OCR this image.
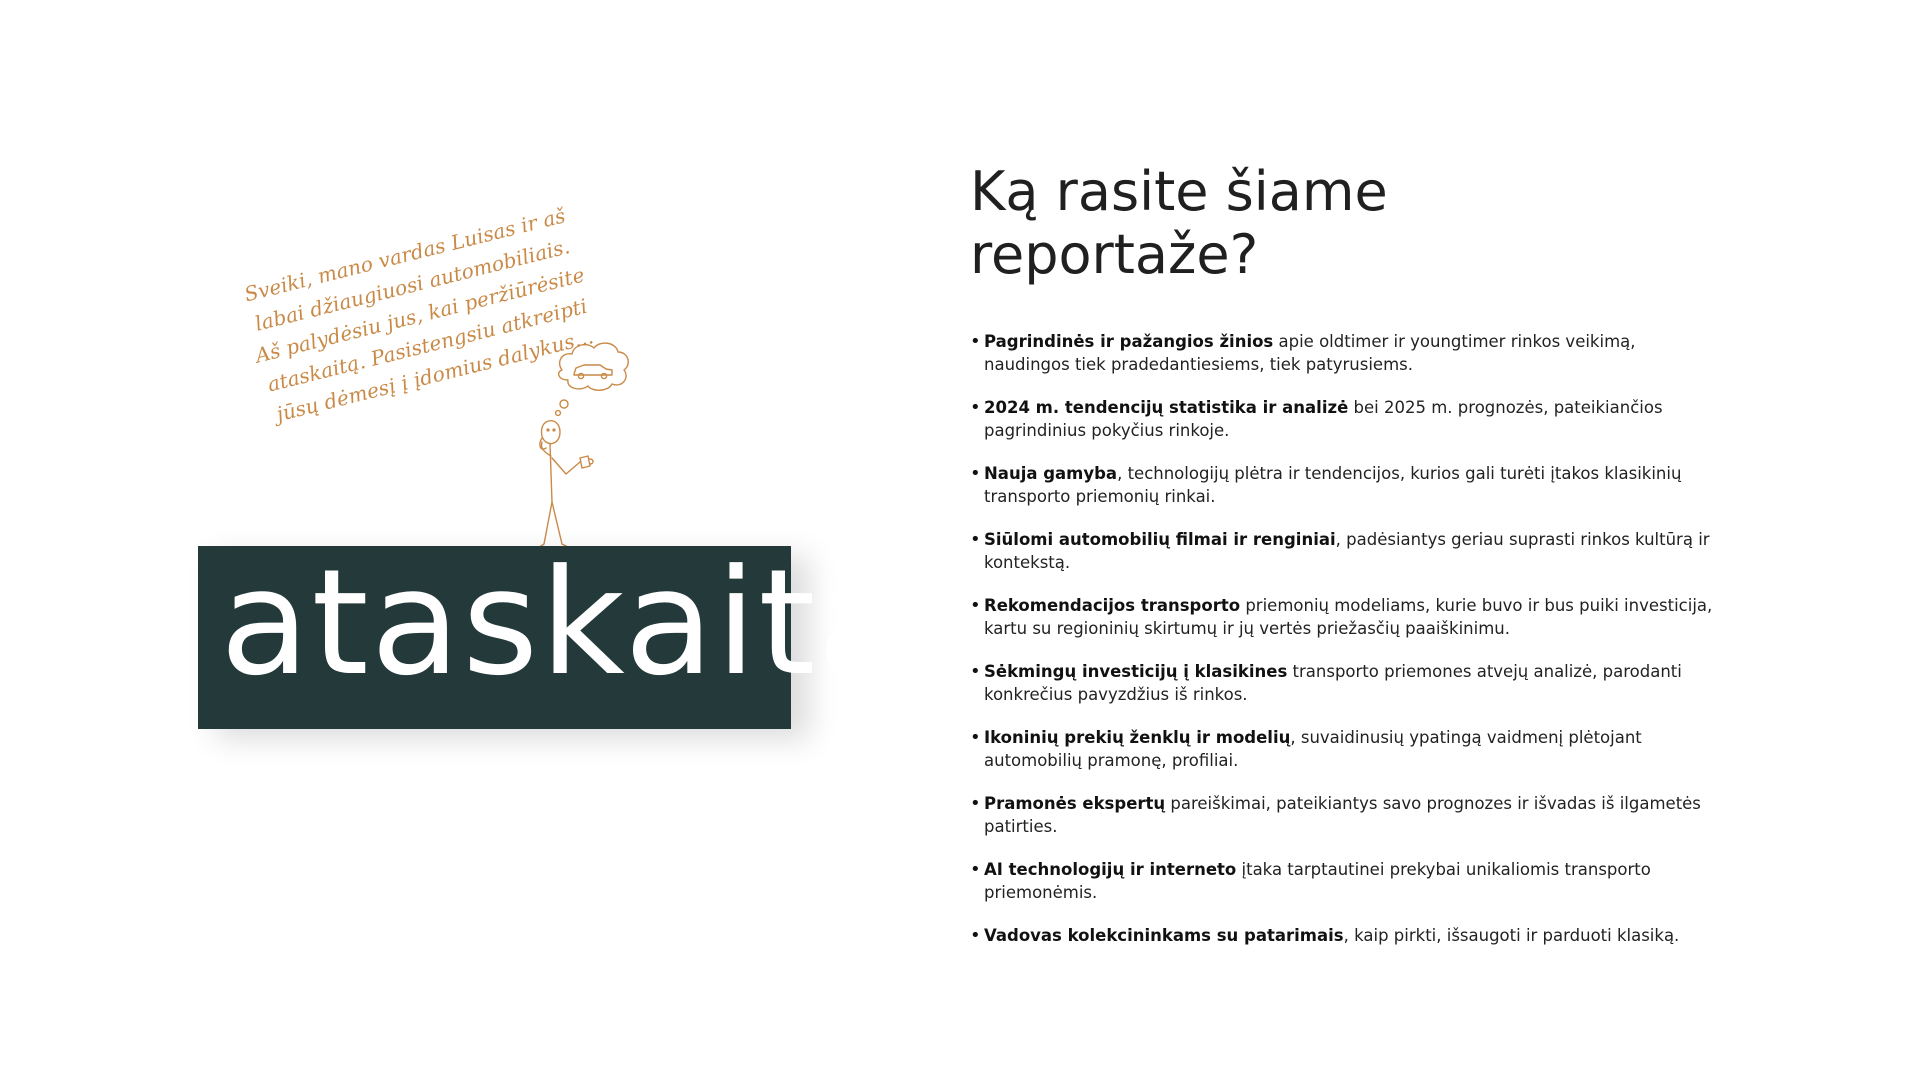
Sveiki, mano vardas Luisas ir aš labai džiaugiuosi automobiliais. Aš palydėsiu jus, kai peržiūrėsite ataskaitą. Pasistengsiu atkreipti jūsų dėmesį į įdomius dalykus...
ataskaita
Ką rasite šiame reportaže?
• Pagrindinės ir pažangios žinios apie oldtimer ir youngtimer rinkos veikimą, naudingos tiek pradedantiesiems, tiek patyrusiems.
• 2024 m. tendencijų statistika ir analizė bei 2025 m. prognozės, pateikiančios pagrindinius pokyčius rinkoje.
• Nauja gamyba, technologijų plėtra ir tendencijos, kurios gali turėti įtakos klasikinių transporto priemonių rinkai.
• Siūlomi automobilių filmai ir renginiai, padėsiantys geriau suprasti rinkos kultūrą ir kontekstą.
• Rekomendacijos transporto priemonių modeliams, kurie buvo ir bus puiki investicija, kartu su regioninių skirtumų ir jų vertės priežasčių paaiškinimu.
• Sėkmingų investicijų į klasikines transporto priemones atvejų analizė, parodanti konkrečius pavyzdžius iš rinkos.
• Ikoninių prekių ženklų ir modelių, suvaidinusių ypatingą vaidmenį plėtojant automobilių pramonę, profiliai.
• Pramonės ekspertų pareiškimai, pateikiantys savo prognozes ir išvadas iš ilgametės patirties.
• AI technologijų ir interneto įtaka tarptautinei prekybai unikaliomis transporto priemonėmis.
• Vadovas kolekcininkams su patarimais, kaip pirkti, išsaugoti ir parduoti klasiką.
